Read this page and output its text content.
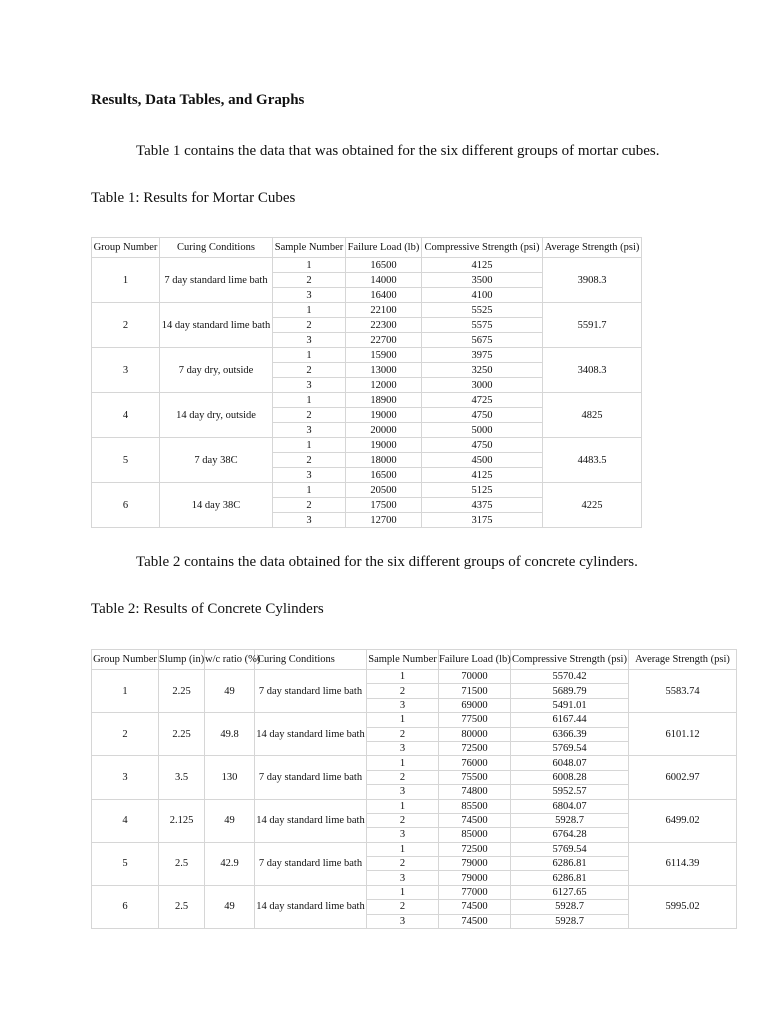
Results, Data Tables, and Graphs
Table 1 contains the data that was obtained for the six different groups of mortar cubes.
Table 1: Results for Mortar Cubes
Group Number	Curing Conditions	Sample Number	Failure Load (lb)	Compressive Strength (psi)	Average Strength (psi)
1	7 day standard lime bath	1	16500	4125	3908.3
		2	14000	3500	
		3	16400	4100	
2	14 day standard lime bath	1	22100	5525	5591.7
		2	22300	5575	
		3	22700	5675	
3	7 day dry, outside	1	15900	3975	3408.3
		2	13000	3250	
		3	12000	3000	
4	14 day dry, outside	1	18900	4725	4825
		2	19000	4750	
		3	20000	5000	
5	7 day 38C	1	19000	4750	4483.5
		2	18000	4500	
		3	16500	4125	
6	14 day 38C	1	20500	5125	4225
		2	17500	4375	
		3	12700	3175	
Table 2 contains the data obtained for the six different groups of concrete cylinders.
Table 2: Results of Concrete Cylinders
Group Number	Slump (in)	w/c ratio (%)	Curing Conditions	Sample Number	Failure Load (lb)	Compressive Strength (psi)	Average Strength (psi)
1	2.25	49	7 day standard lime bath	1	70000	5570.42	5583.74
				2	71500	5689.79	
				3	69000	5491.01	
2	2.25	49.8	14 day standard lime bath	1	77500	6167.44	6101.12
				2	80000	6366.39	
				3	72500	5769.54	
3	3.5	130	7 day standard lime bath	1	76000	6048.07	6002.97
				2	75500	6008.28	
				3	74800	5952.57	
4	2.125	49	14 day standard lime bath	1	85500	6804.07	6499.02
				2	74500	5928.7	
				3	85000	6764.28	
5	2.5	42.9	7 day standard lime bath	1	72500	5769.54	6114.39
				2	79000	6286.81	
				3	79000	6286.81	
6	2.5	49	14 day standard lime bath	1	77000	6127.65	5995.02
				2	74500	5928.7	
				3	74500	5928.7	
